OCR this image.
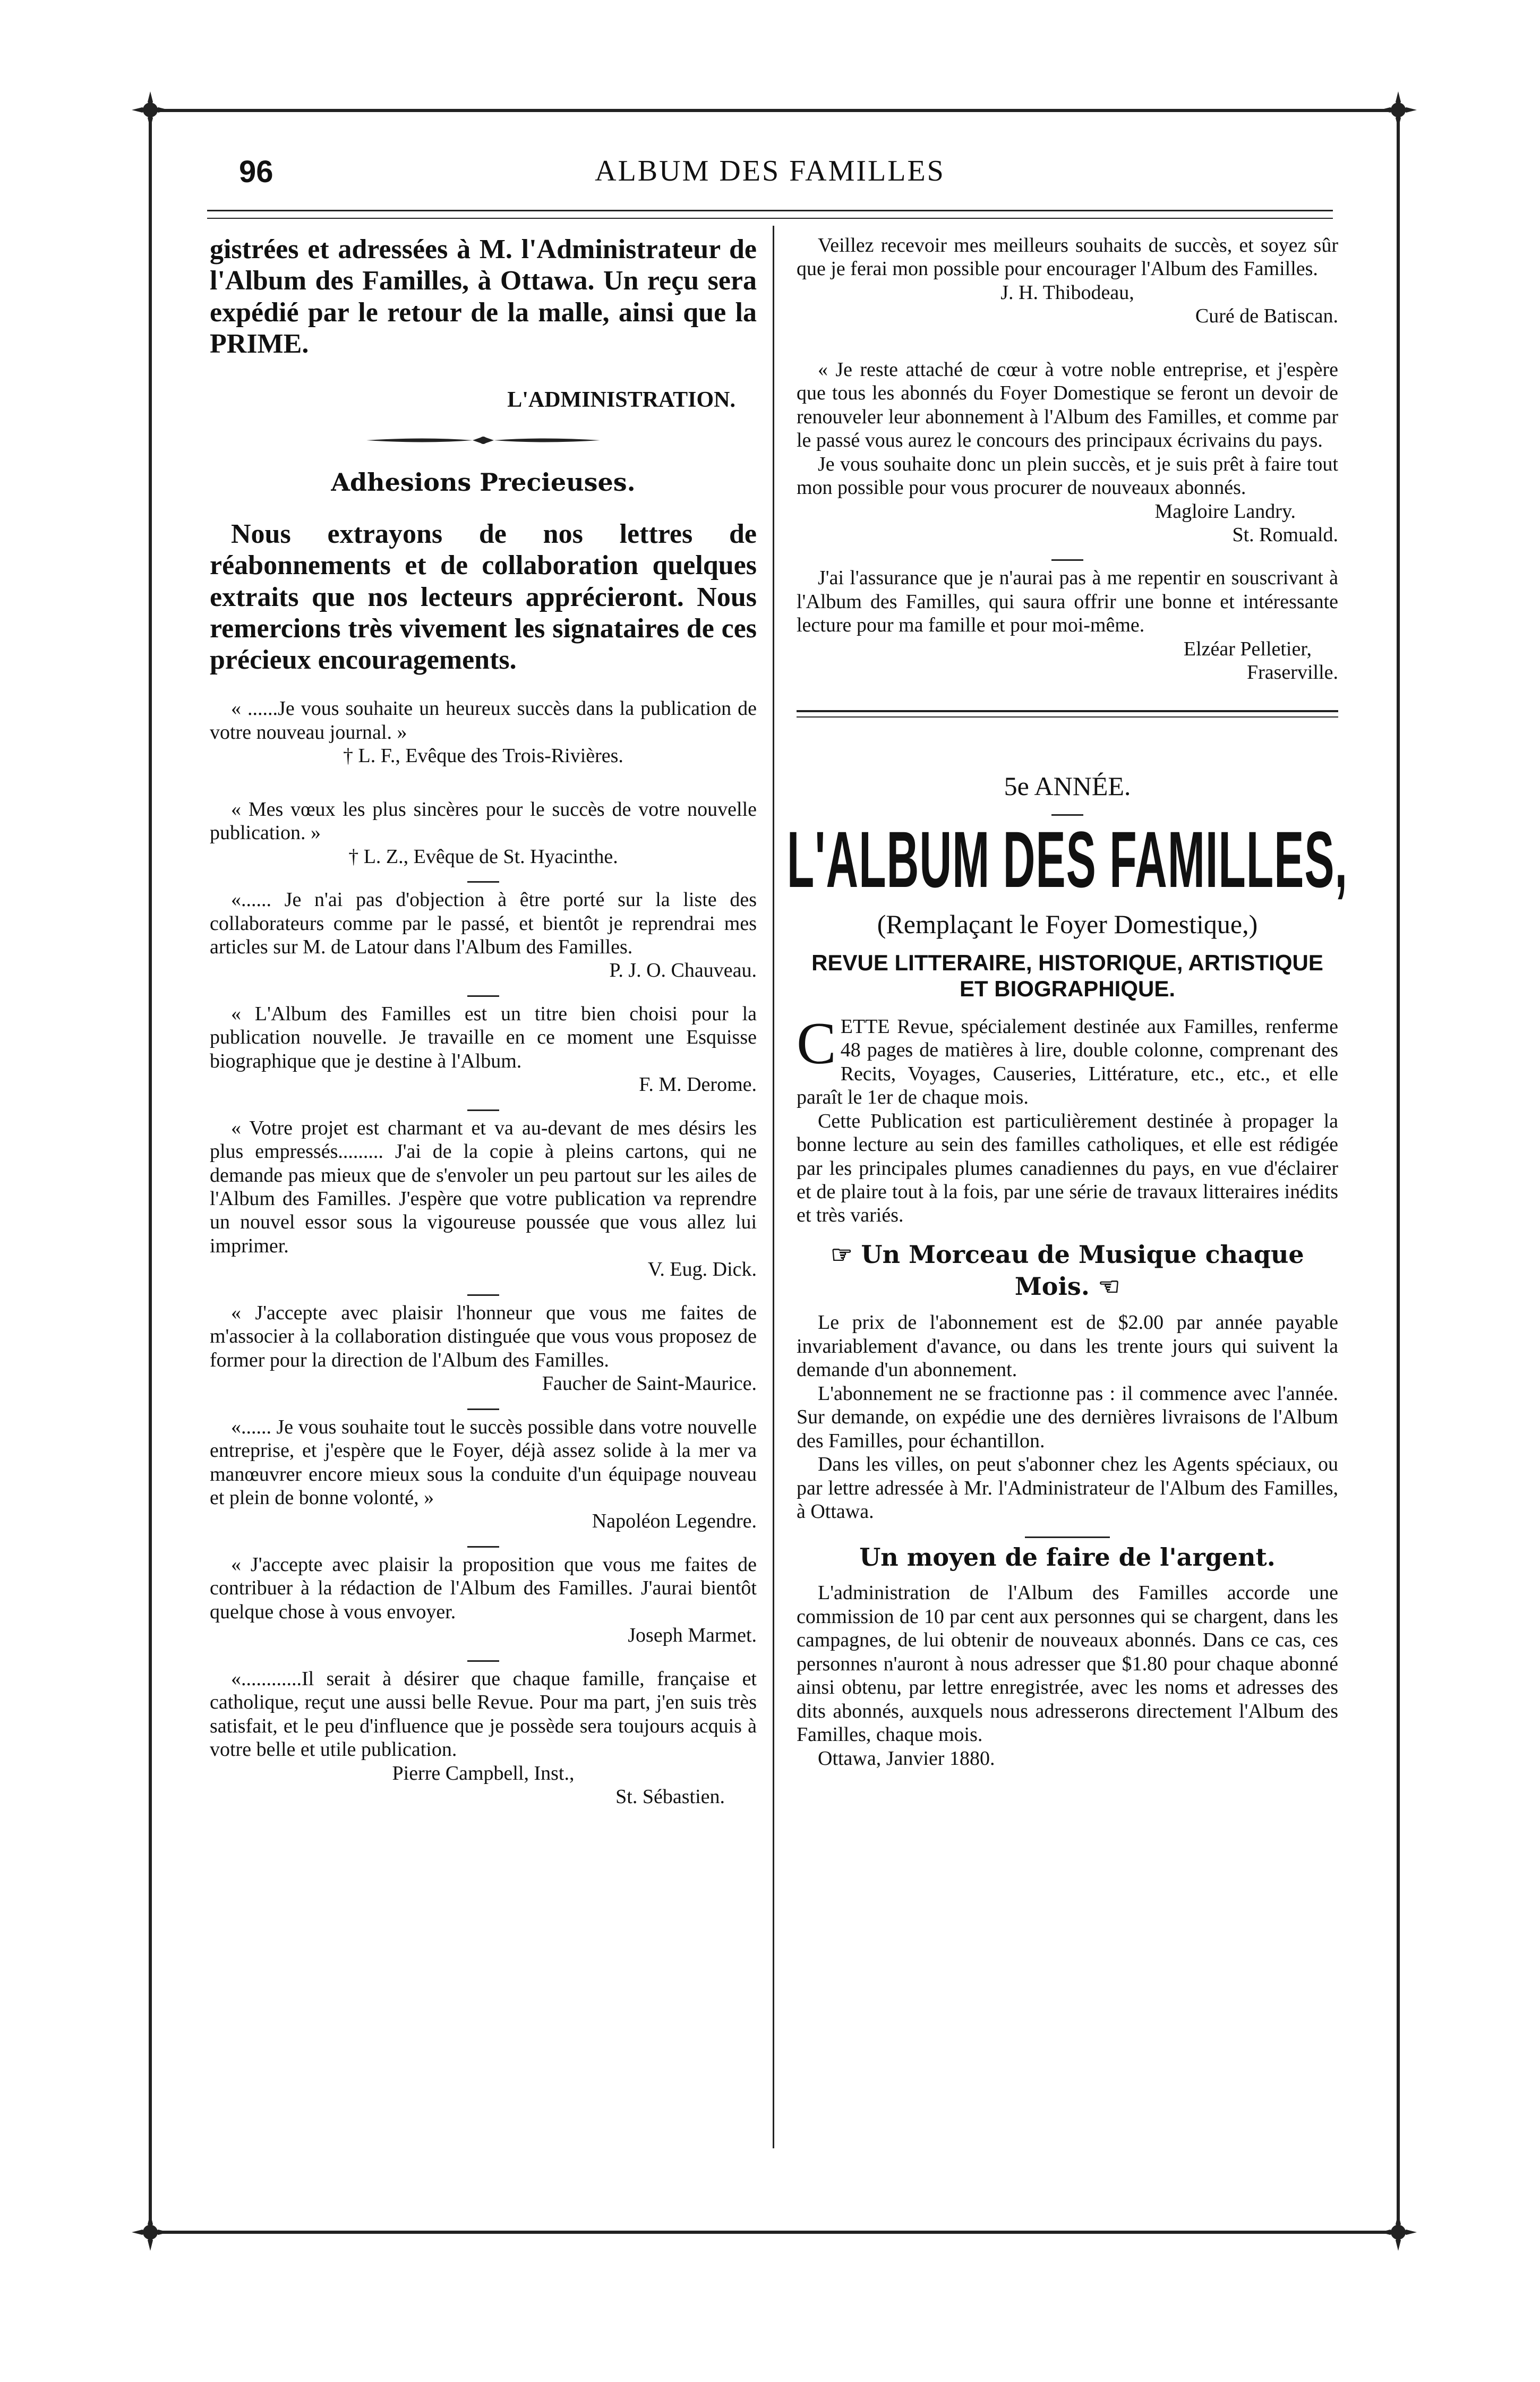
96	ALBUM DES FAMILLES

gistrées et adressées à M. l'Administrateur de l'Album des Familles, à Ottawa. Un reçu sera expédié par le retour de la malle, ainsi que la PRIME.

L'ADMINISTRATION.
Adhesions Precieuses.

Nous extrayons de nos lettres de réabonnements et de collaboration quelques extraits que nos lecteurs apprécieront. Nous remercions très vivement les signataires de ces précieux encouragements.

« ......Je vous souhaite un heureux succès dans la publication de votre nouveau journal. »

† L. F., Evêque des Trois-Rivières.

« Mes vœux les plus sincères pour le succès de votre nouvelle publication. »

† L. Z., Evêque de St. Hyacinthe.

«...... Je n'ai pas d'objection à être porté sur la liste des collaborateurs comme par le passé, et bientôt je reprendrai mes articles sur M. de Latour dans l'Album des Familles.

P. J. O. Chauveau.

« L'Album des Familles est un titre bien choisi pour la publication nouvelle. Je travaille en ce moment une Esquisse biographique que je destine à l'Album.

F. M. Derome.

« Votre projet est charmant et va au-devant de mes désirs les plus empressés......... J'ai de la copie à pleins cartons, qui ne demande pas mieux que de s'envoler un peu partout sur les ailes de l'Album des Familles. J'espère que votre publication va reprendre un nouvel essor sous la vigoureuse poussée que vous allez lui imprimer.

V. Eug. Dick.

« J'accepte avec plaisir l'honneur que vous me faites de m'associer à la collaboration distinguée que vous vous proposez de former pour la direction de l'Album des Familles.

Faucher de Saint-Maurice.

«...... Je vous souhaite tout le succès possible dans votre nouvelle entreprise, et j'espère que le Foyer, déjà assez solide à la mer va manœuvrer encore mieux sous la conduite d'un équipage nouveau et plein de bonne volonté, »

Napoléon Legendre.

« J'accepte avec plaisir la proposition que vous me faites de contribuer à la rédaction de l'Album des Familles. J'aurai bientôt quelque chose à vous envoyer.

Joseph Marmet.

«............Il serait à désirer que chaque famille, française et catholique, reçut une aussi belle Revue. Pour ma part, j'en suis très satisfait, et le peu d'influence que je possède sera toujours acquis à votre belle et utile publication.

Pierre Campbell, Inst.,

St. Sébastien.

Veillez recevoir mes meilleurs souhaits de succès, et soyez sûr que je ferai mon possible pour encourager l'Album des Familles.

J. H. Thibodeau,

Curé de Batiscan.

« Je reste attaché de cœur à votre noble entreprise, et j'espère que tous les abonnés du Foyer Domestique se feront un devoir de renouveler leur abonnement à l'Album des Familles, et comme par le passé vous aurez le concours des principaux écrivains du pays.

Je vous souhaite donc un plein succès, et je suis prêt à faire tout mon possible pour vous procurer de nouveaux abonnés.

Magloire Landry.

St. Romuald.

J'ai l'assurance que je n'aurai pas à me repentir en souscrivant à l'Album des Familles, qui saura offrir une bonne et intéressante lecture pour ma famille et pour moi-même.

Elzéar Pelletier,

Fraserville.

5e ANNÉE.
L'ALBUM DES FAMILLES,
(Remplaçant le Foyer Domestique,)
REVUE LITTERAIRE, HISTORIQUE, ARTISTIQUE ET BIOGRAPHIQUE.

CETTE Revue, spécialement destinée aux Familles, renferme 48 pages de matières à lire, double colonne, comprenant des Recits, Voyages, Causeries, Littérature, etc., etc., et elle paraît le 1er de chaque mois.

Cette Publication est particulièrement destinée à propager la bonne lecture au sein des familles catholiques, et elle est rédigée par les principales plumes canadiennes du pays, en vue d'éclairer et de plaire tout à la fois, par une série de travaux litteraires inédits et très variés.

☞ Un Morceau de Musique chaque Mois. ☜

Le prix de l'abonnement est de $2.00 par année payable invariablement d'avance, ou dans les trente jours qui suivent la demande d'un abonnement.

L'abonnement ne se fractionne pas : il commence avec l'année. Sur demande, on expédie une des dernières livraisons de l'Album des Familles, pour échantillon.

Dans les villes, on peut s'abonner chez les Agents spéciaux, ou par lettre adressée à Mr. l'Administrateur de l'Album des Familles, à Ottawa.

Un moyen de faire de l'argent.

L'administration de l'Album des Familles accorde une commission de 10 par cent aux personnes qui se chargent, dans les campagnes, de lui obtenir de nouveaux abonnés. Dans ce cas, ces personnes n'auront à nous adresser que $1.80 pour chaque abonné ainsi obtenu, par lettre enregistrée, avec les noms et adresses des dits abonnés, auxquels nous adresserons directement l'Album des Familles, chaque mois.

Ottawa, Janvier 1880.
